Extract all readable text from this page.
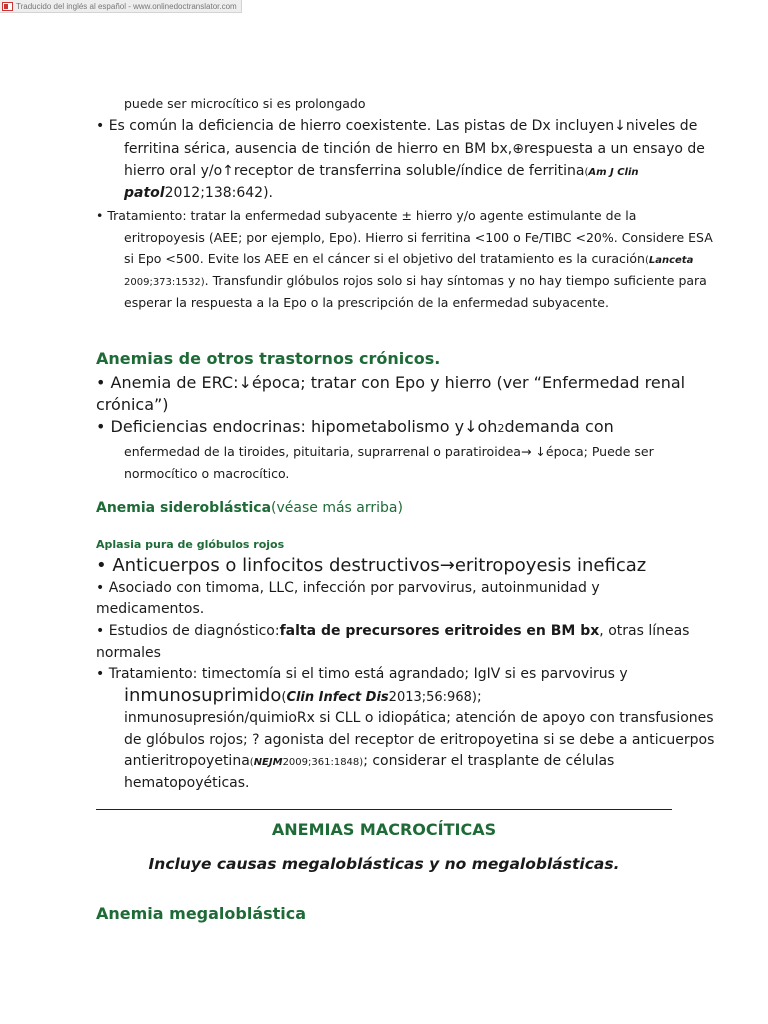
Traducido del inglés al español - www.onlinedoctranslator.com
puede ser microcítico si es prolongado
• Es común la deficiencia de hierro coexistente. Las pistas de Dx incluyen↓niveles de
ferritina sérica, ausencia de tinción de hierro en BM bx,⊕respuesta a un ensayo de
hierro oral y/o↑receptor de transferrina soluble/índice de ferritina(Am J Clin
patol2012;138:642).
• Tratamiento: tratar la enfermedad subyacente ± hierro y/o agente estimulante de la
eritropoyesis (AEE; por ejemplo, Epo). Hierro si ferritina <100 o Fe/TIBC <20%. Considere ESA
si Epo <500. Evite los AEE en el cáncer si el objetivo del tratamiento es la curación(Lanceta
2009;373:1532). Transfundir glóbulos rojos solo si hay síntomas y no hay tiempo suficiente para
esperar la respuesta a la Epo o la prescripción de la enfermedad subyacente.
Anemias de otros trastornos crónicos.
• Anemia de ERC:↓época; tratar con Epo y hierro (ver “Enfermedad renal
crónica”)
• Deficiencias endocrinas: hipometabolismo y↓oh2demanda con
enfermedad de la tiroides, pituitaria, suprarrenal o paratiroidea→ ↓época; Puede ser
normocítico o macrocítico.
Anemia sideroblástica(véase más arriba)
Aplasia pura de glóbulos rojos
• Anticuerpos o linfocitos destructivos→eritropoyesis ineficaz
• Asociado con timoma, LLC, infección por parvovirus, autoinmunidad y
medicamentos.
• Estudios de diagnóstico:falta de precursores eritroides en BM bx, otras líneas
normales
• Tratamiento: timectomía si el timo está agrandado; IgIV si es parvovirus y
inmunosuprimido(Clin Infect Dis2013;56:968);
inmunosupresión/quimioRx si CLL o idiopática; atención de apoyo con transfusiones
de glóbulos rojos; ? agonista del receptor de eritropoyetina si se debe a anticuerpos
antieritropoyetina(NEJM2009;361:1848); considerar el trasplante de células
hematopoyéticas.
ANEMIAS MACROCÍTICAS
Incluye causas megaloblásticas y no megaloblásticas.
Anemia megaloblástica
